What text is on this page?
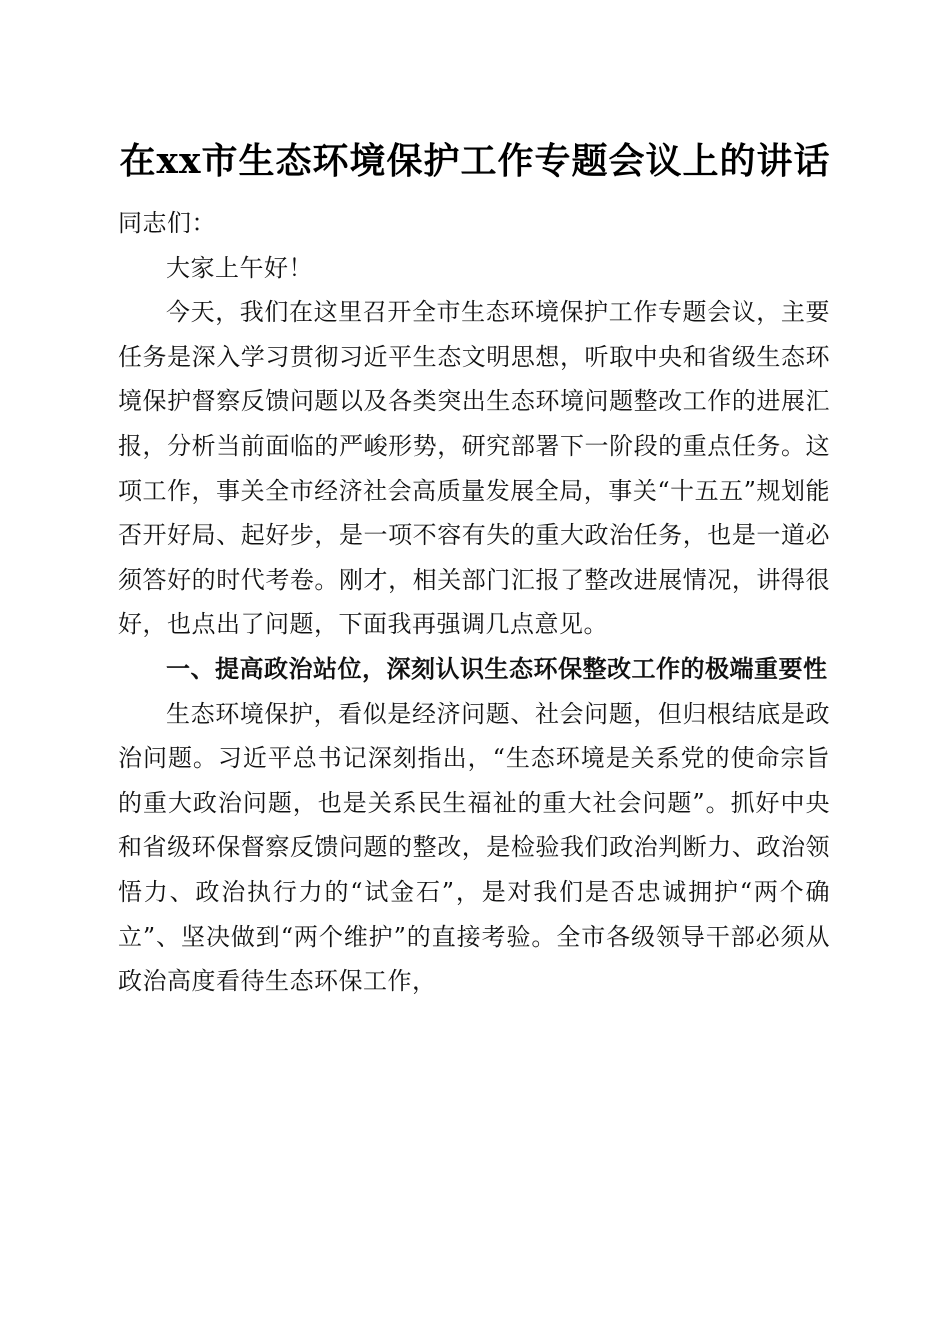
在xx市生态环境保护工作专题会议上的讲话

同志们：

大家上午好！

今天，我们在这里召开全市生态环境保护工作专题会议，主要任务是深入学习贯彻习近平生态文明思想，听取中央和省级生态环境保护督察反馈问题以及各类突出生态环境问题整改工作的进展汇报，分析当前面临的严峻形势，研究部署下一阶段的重点任务。这项工作，事关全市经济社会高质量发展全局，事关“十五五”规划能否开好局、起好步，是一项不容有失的重大政治任务，也是一道必须答好的时代考卷。刚才，相关部门汇报了整改进展情况，讲得很好，也点出了问题，下面我再强调几点意见。

一、提高政治站位，深刻认识生态环保整改工作的极端重要性

生态环境保护，看似是经济问题、社会问题，但归根结底是政治问题。习近平总书记深刻指出，“生态环境是关系党的使命宗旨的重大政治问题，也是关系民生福祉的重大社会问题”。抓好中央和省级环保督察反馈问题的整改，是检验我们政治判断力、政治领悟力、政治执行力的“试金石”，是对我们是否忠诚拥护“两个确立”、坚决做到“两个维护”的直接考验。全市各级领导干部必须从政治高度看待生态环保工作，
